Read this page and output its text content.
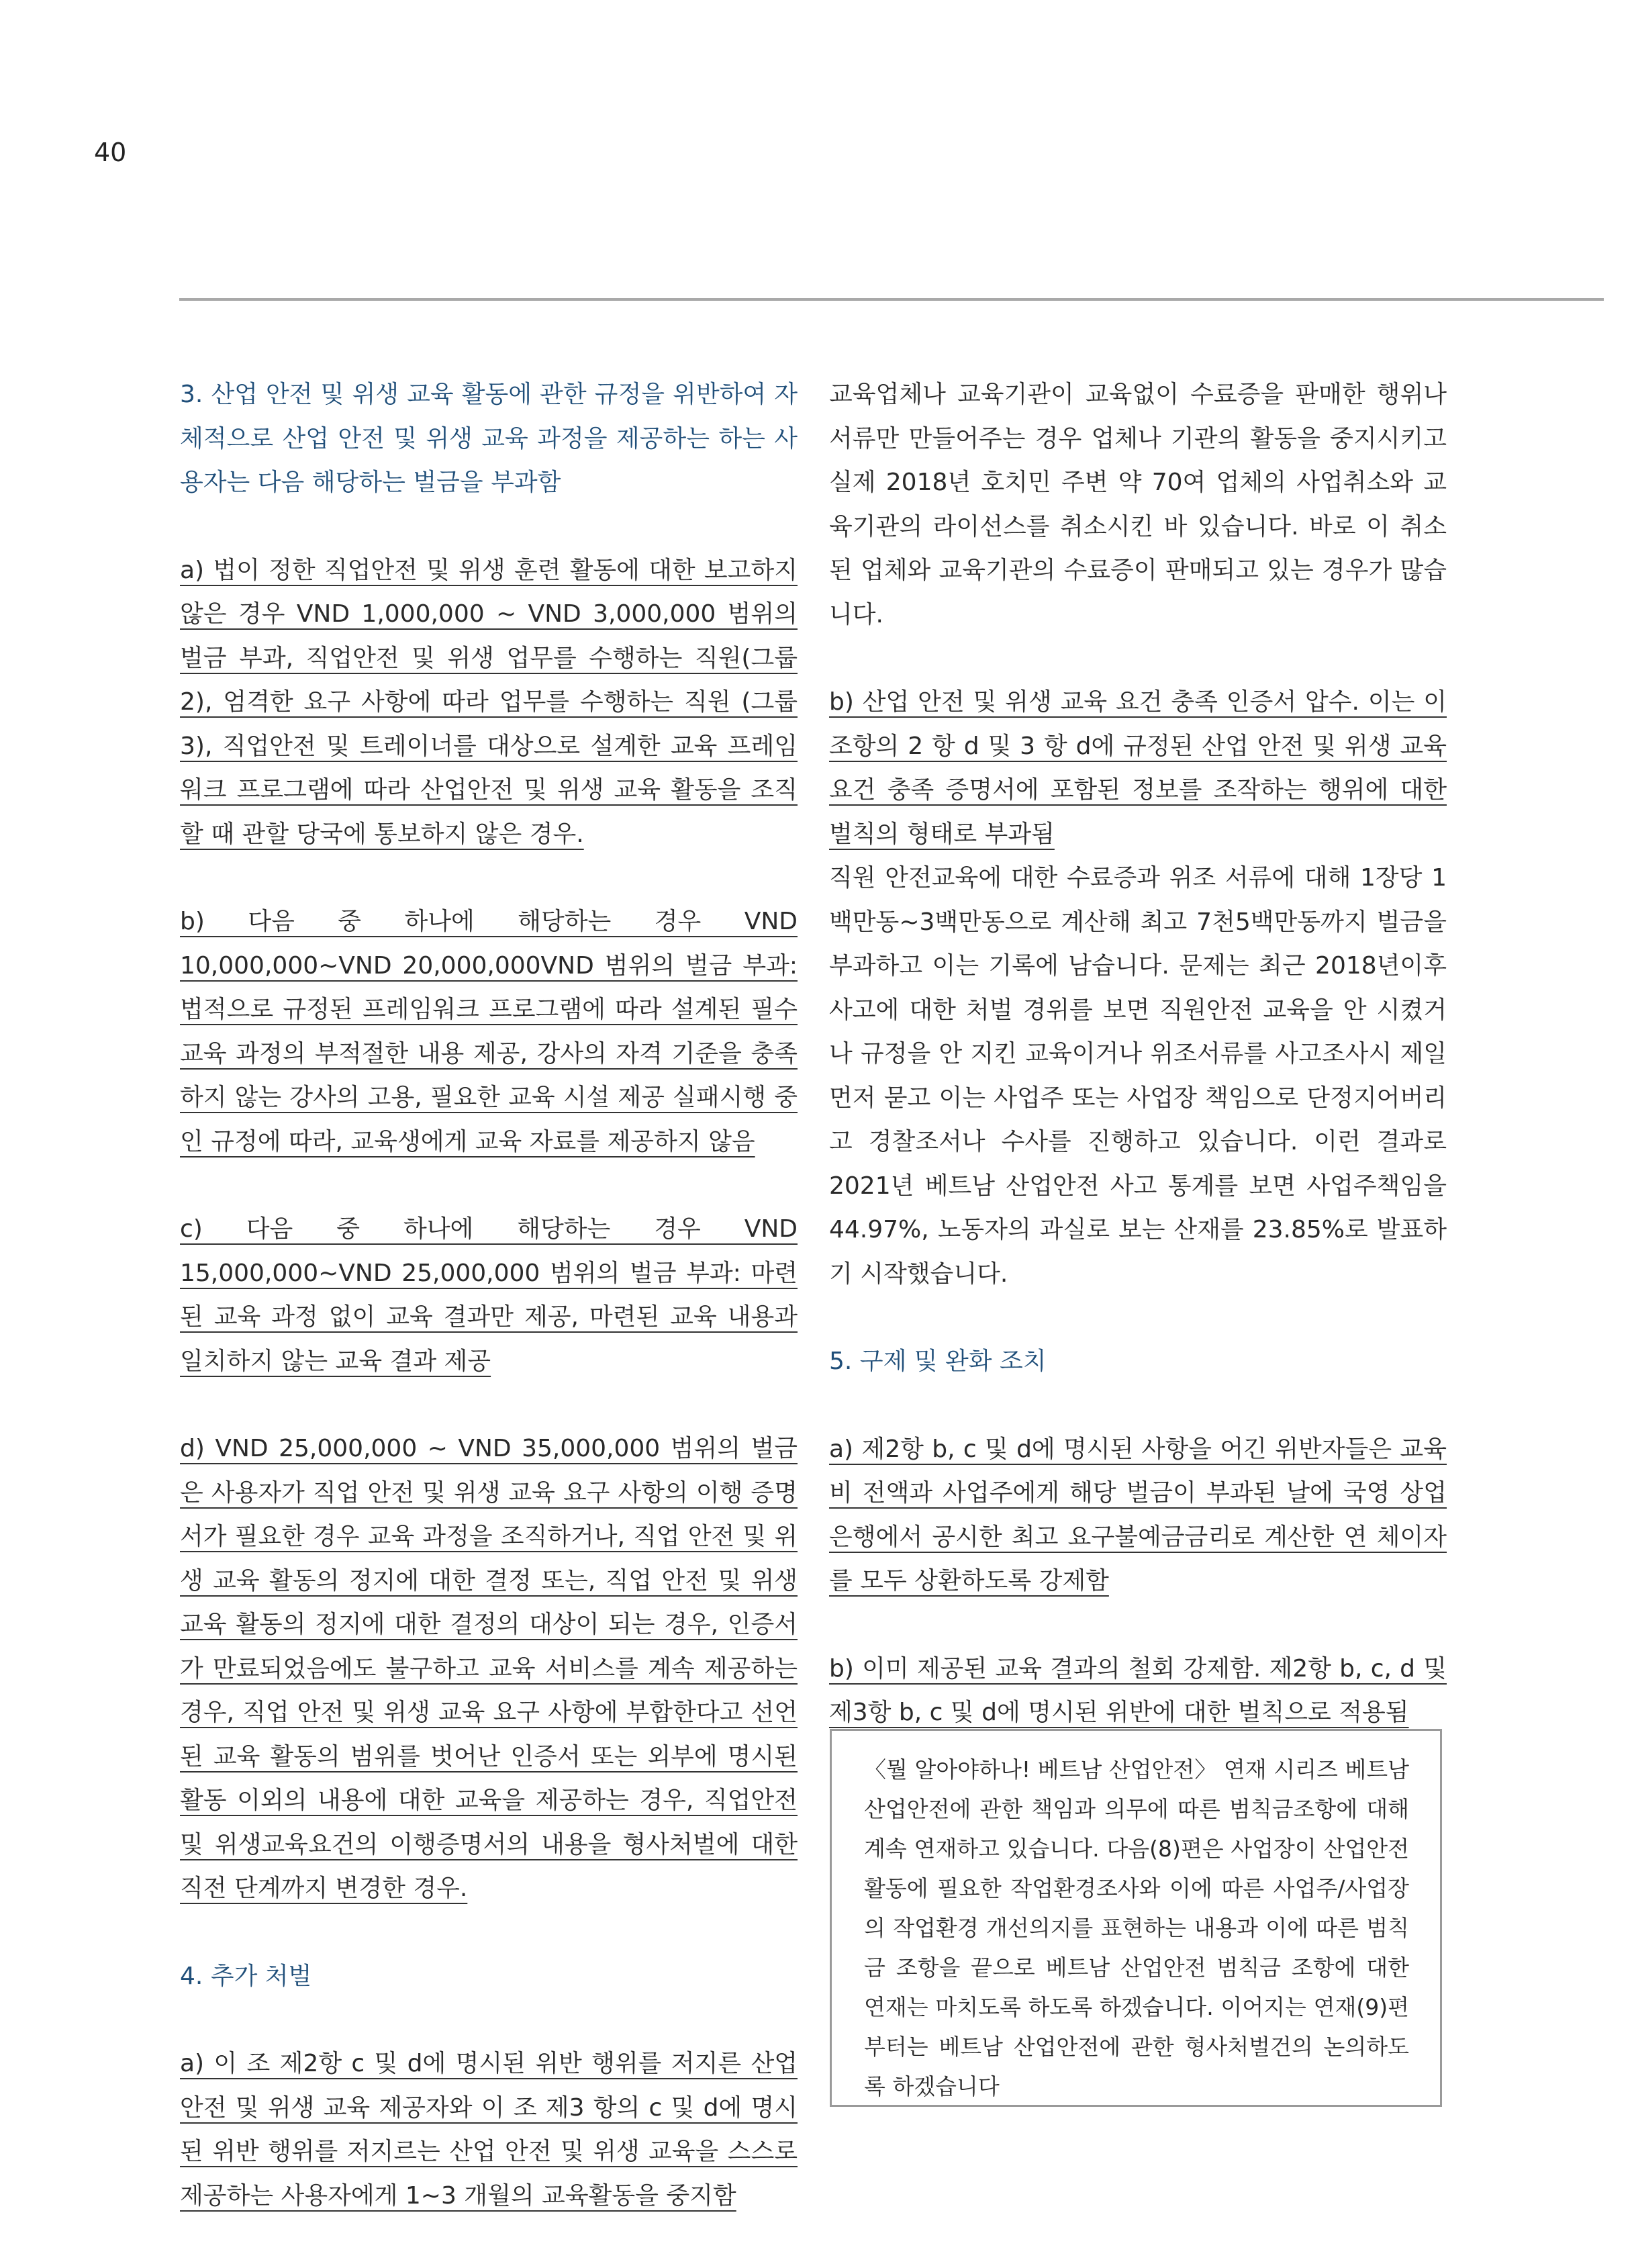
40

3. 산업 안전 및 위생 교육 활동에 관한 규정을 위반하여 자체적으로 산업 안전 및 위생 교육 과정을 제공하는 하는 사용자는 다음 해당하는 벌금을 부과함

a) 법이 정한 직업안전 및 위생 훈련 활동에 대한 보고하지 않은 경우 VND 1,000,000 ~ VND 3,000,000 범위의 벌금 부과, 직업안전 및 위생 업무를 수행하는 직원(그룹 2), 엄격한 요구 사항에 따라 업무를 수행하는 직원 (그룹 3), 직업안전 및 트레이너를 대상으로 설계한 교육 프레임워크 프로그램에 따라 산업안전 및 위생 교육 활동을 조직할 때 관할 당국에 통보하지 않은 경우.

b) 다음 중 하나에 해당하는 경우 VND 10,000,000~VND 20,000,000VND 범위의 벌금 부과: 법적으로 규정된 프레임워크 프로그램에 따라 설계된 필수 교육 과정의 부적절한 내용 제공, 강사의 자격 기준을 충족하지 않는 강사의 고용, 필요한 교육 시설 제공 실패시행 중인 규정에 따라, 교육생에게 교육 자료를 제공하지 않음

c) 다음 중 하나에 해당하는 경우 VND 15,000,000~VND 25,000,000 범위의 벌금 부과: 마련된 교육 과정 없이 교육 결과만 제공, 마련된 교육 내용과 일치하지 않는 교육 결과 제공

d) VND 25,000,000 ~ VND 35,000,000 범위의 벌금은 사용자가 직업 안전 및 위생 교육 요구 사항의 이행 증명서가 필요한 경우 교육 과정을 조직하거나, 직업 안전 및 위생 교육 활동의 정지에 대한 결정 또는, 직업 안전 및 위생 교육 활동의 정지에 대한 결정의 대상이 되는 경우, 인증서가 만료되었음에도 불구하고 교육 서비스를 계속 제공하는 경우, 직업 안전 및 위생 교육 요구 사항에 부합한다고 선언된 교육 활동의 범위를 벗어난 인증서 또는 외부에 명시된 활동 이외의 내용에 대한 교육을 제공하는 경우, 직업안전 및 위생교육요건의 이행증명서의 내용을 형사처벌에 대한 직전 단계까지 변경한 경우.

4. 추가 처벌

a) 이 조 제2항 c 및 d에 명시된 위반 행위를 저지른 산업 안전 및 위생 교육 제공자와 이 조 제3 항의 c 및 d에 명시된 위반 행위를 저지르는 산업 안전 및 위생 교육을 스스로 제공하는 사용자에게 1~3 개월의 교육활동을 중지함

교육업체나 교육기관이 교육없이 수료증을 판매한 행위나 서류만 만들어주는 경우 업체나 기관의 활동을 중지시키고 실제 2018년 호치민 주변 약 70여 업체의 사업취소와 교육기관의 라이선스를 취소시킨 바 있습니다. 바로 이 취소된 업체와 교육기관의 수료증이 판매되고 있는 경우가 많습니다.

b) 산업 안전 및 위생 교육 요건 충족 인증서 압수. 이는 이 조항의 2 항 d 및 3 항 d에 규정된 산업 안전 및 위생 교육 요건 충족 증명서에 포함된 정보를 조작하는 행위에 대한 벌칙의 형태로 부과됨

직원 안전교육에 대한 수료증과 위조 서류에 대해 1장당 1백만동~3백만동으로 계산해 최고 7천5백만동까지 벌금을 부과하고 이는 기록에 남습니다. 문제는 최근 2018년이후 사고에 대한 처벌 경위를 보면 직원안전 교육을 안 시켰거나 규정을 안 지킨 교육이거나 위조서류를 사고조사시 제일 먼저 묻고 이는 사업주 또는 사업장 책임으로 단정지어버리고 경찰조서나 수사를 진행하고 있습니다. 이런 결과로 2021년 베트남 산업안전 사고 통계를 보면 사업주책임을 44.97%, 노동자의 과실로 보는 산재를 23.85%로 발표하기 시작했습니다.

5. 구제 및 완화 조치

a) 제2항 b, c 및 d에 명시된 사항을 어긴 위반자들은 교육비 전액과 사업주에게 해당 벌금이 부과된 날에 국영 상업 은행에서 공시한 최고 요구불예금금리로 계산한 연 체이자를 모두 상환하도록 강제함

b) 이미 제공된 교육 결과의 철회 강제함. 제2항 b, c, d 및 제3항 b, c 및 d에 명시된 위반에 대한 벌칙으로 적용됨

〈뭘 알아야하나! 베트남 산업안전〉 연재 시리즈 베트남 산업안전에 관한 책임과 의무에 따른 범칙금조항에 대해 계속 연재하고 있습니다. 다음(8)편은 사업장이 산업안전 활동에 필요한 작업환경조사와 이에 따른 사업주/사업장의 작업환경 개선의지를 표현하는 내용과 이에 따른 범칙금 조항을 끝으로 베트남 산업안전 범칙금 조항에 대한 연재는 마치도록 하도록 하겠습니다. 이어지는 연재(9)편부터는 베트남 산업안전에 관한 형사처벌건의 논의하도록 하겠습니다
